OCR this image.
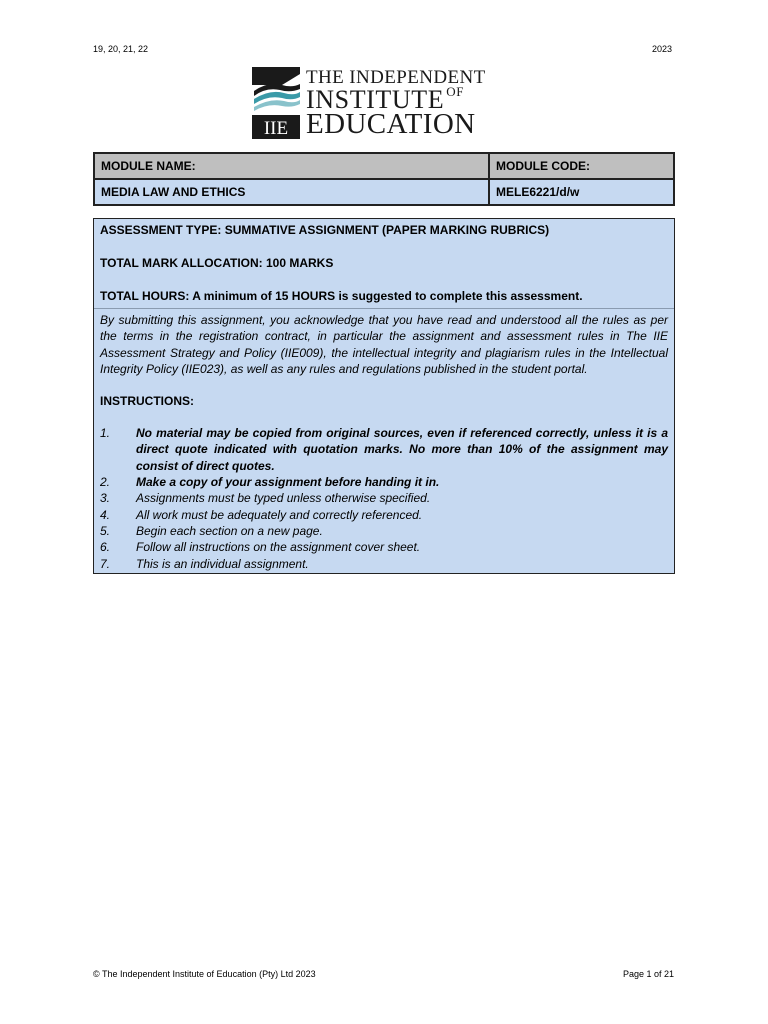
19, 20, 21, 22	2023
IIE
THE INDEPENDENT
INSTITUTE $^{OF}$
EDUCATION
MODULE NAME:	MODULE CODE:
MEDIA LAW AND ETHICS	MELE6221/d/w
ASSESSMENT TYPE: SUMMATIVE ASSIGNMENT (PAPER MARKING RUBRICS)
TOTAL MARK ALLOCATION: 100 MARKS
TOTAL HOURS: A minimum of 15 HOURS is suggested to complete this assessment.
By submitting this assignment, you acknowledge that you have read and understood all the rules as per the terms in the registration contract, in particular the assignment and assessment rules in The IIE Assessment Strategy and Policy (IIE009), the intellectual integrity and plagiarism rules in the Intellectual Integrity Policy (IIE023), as well as any rules and regulations published in the student portal.
INSTRUCTIONS:
1.	No material may be copied from original sources, even if referenced correctly, unless it is a direct quote indicated with quotation marks. No more than 10% of the assignment may consist of direct quotes.
2.	Make a copy of your assignment before handing it in.
3.	Assignments must be typed unless otherwise specified.
4.	All work must be adequately and correctly referenced.
5.	Begin each section on a new page.
6.	Follow all instructions on the assignment cover sheet.
7.	This is an individual assignment.
© The Independent Institute of Education (Pty) Ltd 2023	Page 1 of 21
